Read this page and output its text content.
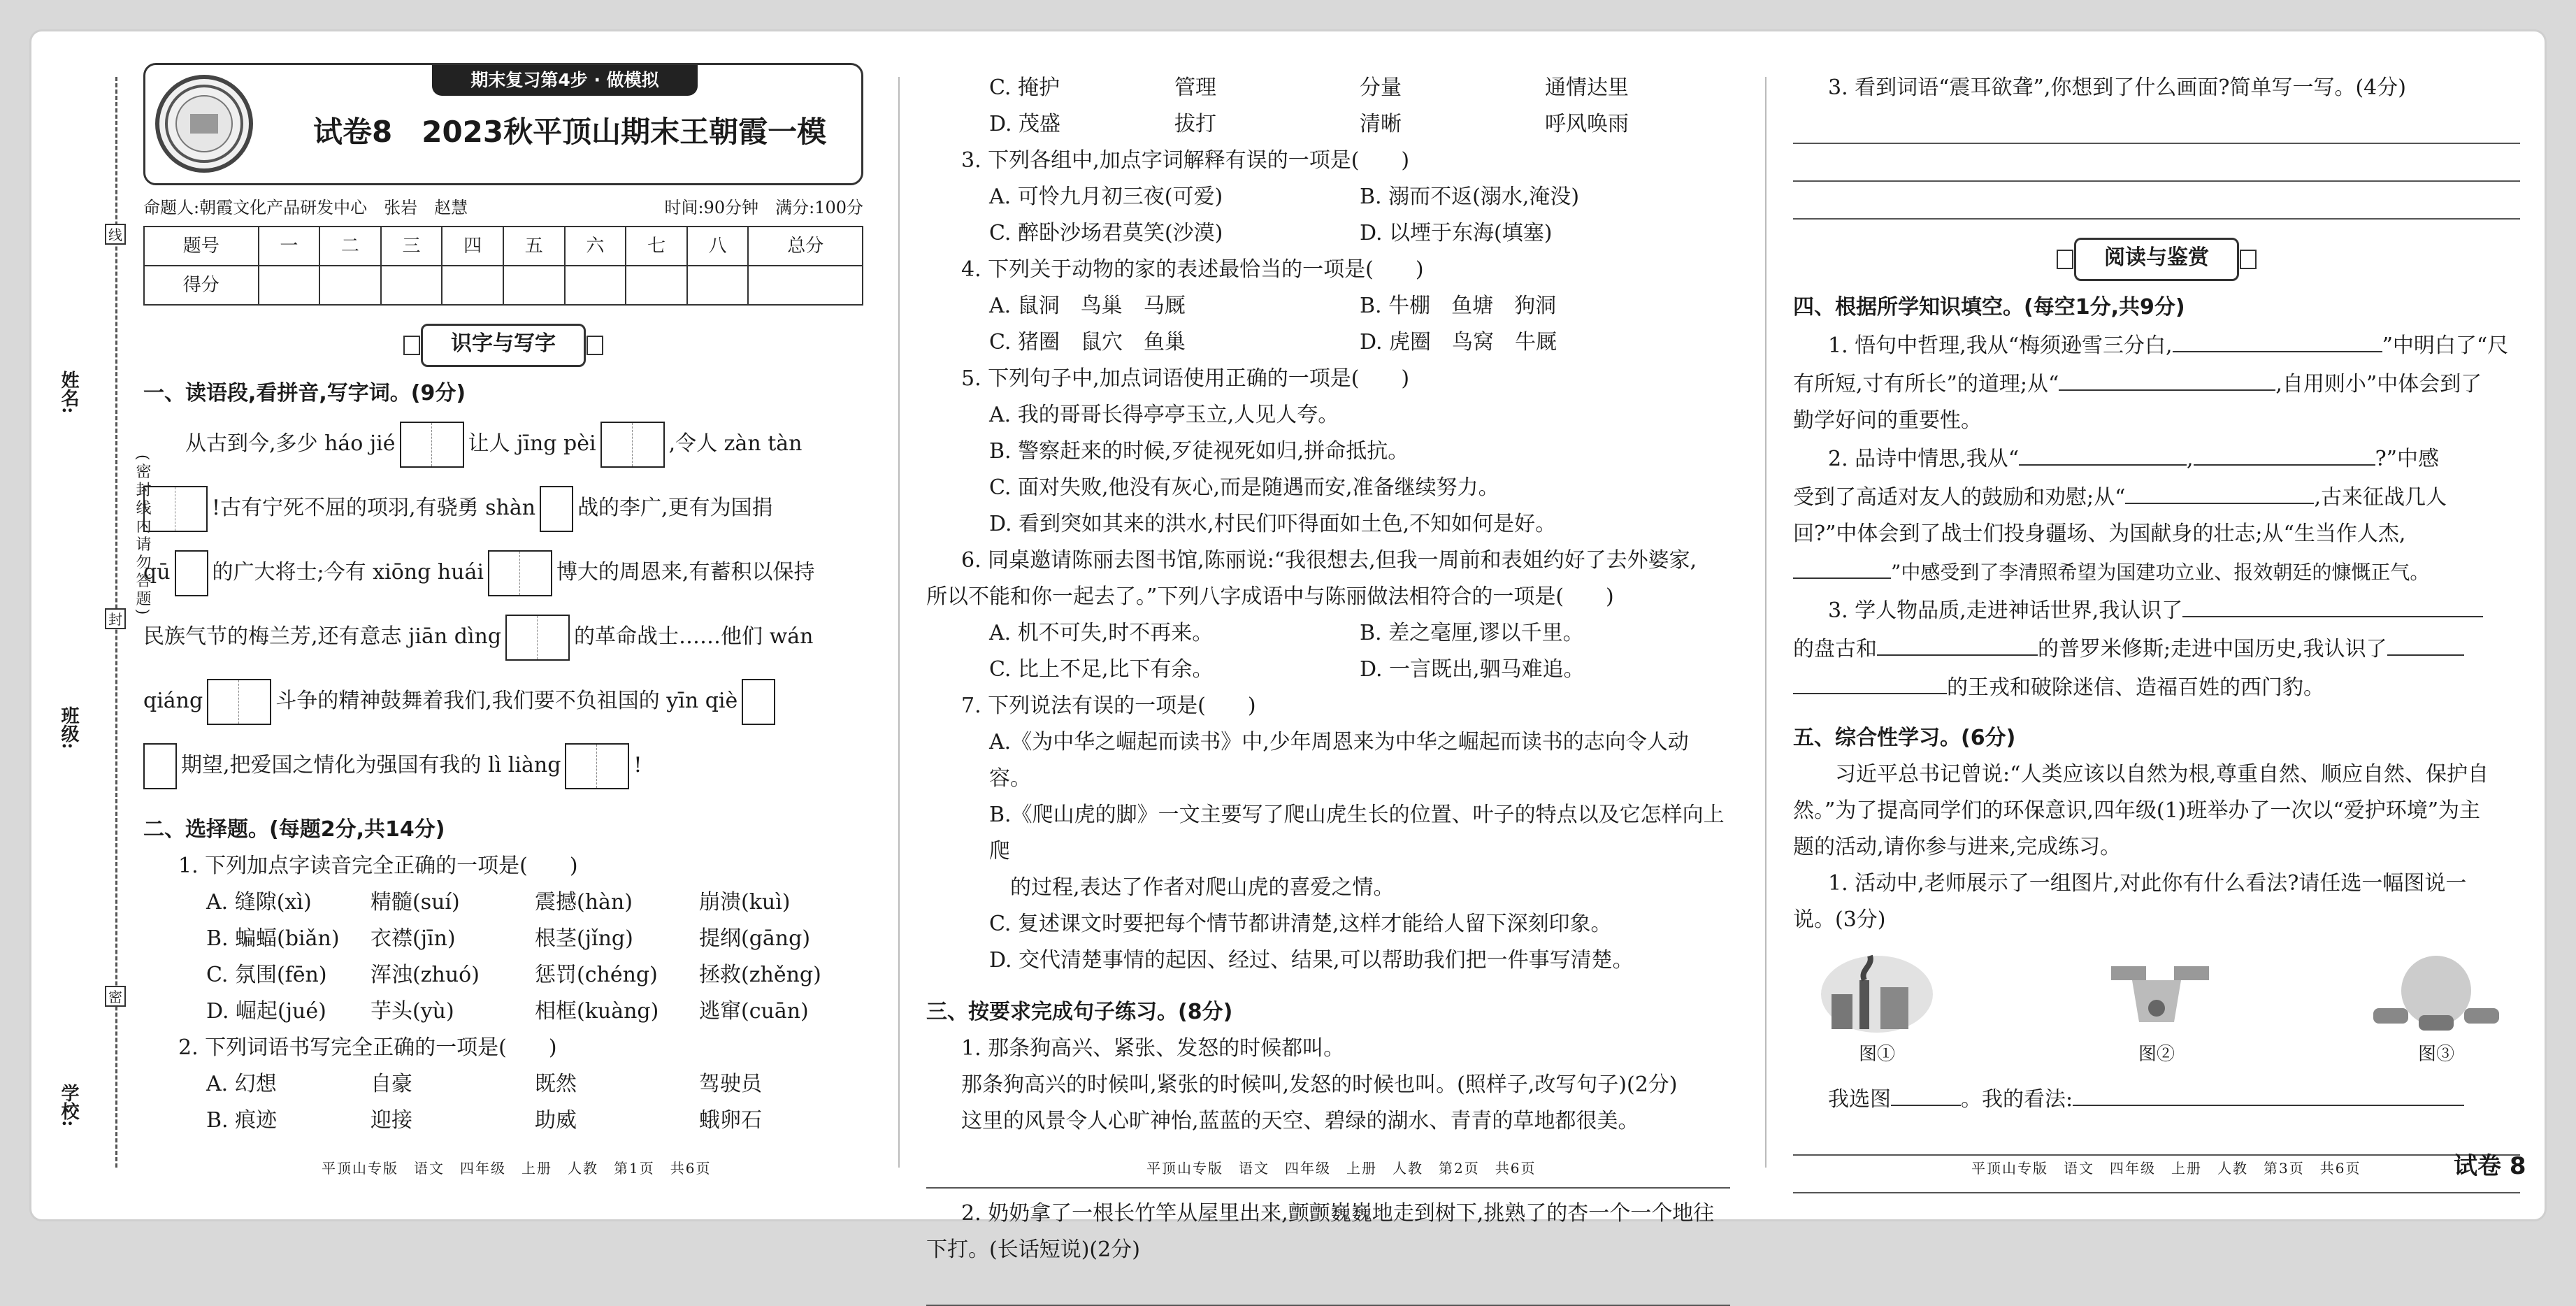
姓名:
班级:
学校:
线
封
密
(密封线内请勿答题)
期末复习第4步 · 做模拟
试卷8　2023秋平顶山期末王朝霞一模
命题人:朝霞文化产品研发中心　张岩　赵慧	时间:90分钟　满分:100分
题号	一	二	三	四	五	六	七	八	总分
得分									
识字与写字
一、读语段,看拼音,写字词。(9分)
从古到今,多少 háo jié	让人 jīng pèi	,令人 zàn tàn
!古有宁死不屈的项羽,有骁勇 shàn 战的李广,更有为国捐
qū 的广大将士;今有 xiōng huái	博大的周恩来,有蓄积以保持
民族气节的梅兰芳,还有意志 jiān dìng	的革命战士……他们 wán
qiáng	斗争的精神鼓舞着我们,我们要不负祖国的 yīn qiè
期望,把爱国之情化为强国有我的 lì liàng	!
二、选择题。(每题2分,共14分)
1. 下列加点字读音完全正确的一项是(　　)
A. 缝隙(xì)	精髓(suí)	震撼(hàn)	崩溃(kuì)
B. 蝙蝠(biǎn)	衣襟(jīn)	根茎(jǐng)	提纲(gāng)
C. 氛围(fēn)	浑浊(zhuó)	惩罚(chéng)	拯救(zhěng)
D. 崛起(jué)	芋头(yù)	相框(kuàng)	逃窜(cuān)
2. 下列词语书写完全正确的一项是(　　)
A. 幻想	自豪	既然	驾驶员
B. 痕迹	迎接	助威	蛾卵石
C. 掩护	管理	分量	通情达里
D. 茂盛	拔打	清晰	呼风唤雨
3. 下列各组中,加点字词解释有误的一项是(　　)
A. 可怜九月初三夜(可爱)	B. 溺而不返(溺水,淹没)
C. 醉卧沙场君莫笑(沙漠)	D. 以堙于东海(填塞)
4. 下列关于动物的家的表述最恰当的一项是(　　)
A. 鼠洞　鸟巢　马厩	B. 牛棚　鱼塘　狗洞
C. 猪圈　鼠穴　鱼巢	D. 虎圈　鸟窝　牛厩
5. 下列句子中,加点词语使用正确的一项是(　　)
A. 我的哥哥长得亭亭玉立,人见人夸。
B. 警察赶来的时候,歹徒视死如归,拼命抵抗。
C. 面对失败,他没有灰心,而是随遇而安,准备继续努力。
D. 看到突如其来的洪水,村民们吓得面如土色,不知如何是好。
6. 同桌邀请陈丽去图书馆,陈丽说:“我很想去,但我一周前和表姐约好了去外婆家,
所以不能和你一起去了。”下列八字成语中与陈丽做法相符合的一项是(　　)
A. 机不可失,时不再来。	B. 差之毫厘,谬以千里。
C. 比上不足,比下有余。	D. 一言既出,驷马难追。
7. 下列说法有误的一项是(　　)
A.《为中华之崛起而读书》中,少年周恩来为中华之崛起而读书的志向令人动容。
B.《爬山虎的脚》一文主要写了爬山虎生长的位置、叶子的特点以及它怎样向上爬
的过程,表达了作者对爬山虎的喜爱之情。
C. 复述课文时要把每个情节都讲清楚,这样才能给人留下深刻印象。
D. 交代清楚事情的起因、经过、结果,可以帮助我们把一件事写清楚。
三、按要求完成句子练习。(8分)
1. 那条狗高兴、紧张、发怒的时候都叫。
那条狗高兴的时候叫,紧张的时候叫,发怒的时候也叫。(照样子,改写句子)(2分)
这里的风景令人心旷神怡,蓝蓝的天空、碧绿的湖水、青青的草地都很美。
2. 奶奶拿了一根长竹竿从屋里出来,颤颤巍巍地走到树下,挑熟了的杏一个一个地往
下打。(长话短说)(2分)
3. 看到词语“震耳欲聋”,你想到了什么画面?简单写一写。(4分)
阅读与鉴赏
四、根据所学知识填空。(每空1分,共9分)
1. 悟句中哲理,我从“梅须逊雪三分白,	”中明白了“尺
有所短,寸有所长”的道理;从“	,自用则小”中体会到了
勤学好问的重要性。
2. 品诗中情思,我从“	,	?”中感
受到了高适对友人的鼓励和劝慰;从“	,古来征战几人
回?”中体会到了战士们投身疆场、为国献身的壮志;从“生当作人杰,
”中感受到了李清照希望为国建功立业、报效朝廷的慷慨正气。
3. 学人物品质,走进神话世界,我认识了
的盘古和	的普罗米修斯;走进中国历史,我认识了
的王戎和破除迷信、造福百姓的西门豹。
五、综合性学习。(6分)
习近平总书记曾说:“人类应该以自然为根,尊重自然、顺应自然、保护自
然。”为了提高同学们的环保意识,四年级(1)班举办了一次以“爱护环境”为主
题的活动,请你参与进来,完成练习。
1. 活动中,老师展示了一组图片,对此你有什么看法?请任选一幅图说一
说。(3分)
图①	图②	图③
我选图	。我的看法:
平顶山专版　语文　四年级　上册　人教　第1页　共6页	平顶山专版　语文　四年级　上册　人教　第2页　共6页	平顶山专版　语文　四年级　上册　人教　第3页　共6页	试卷 8
